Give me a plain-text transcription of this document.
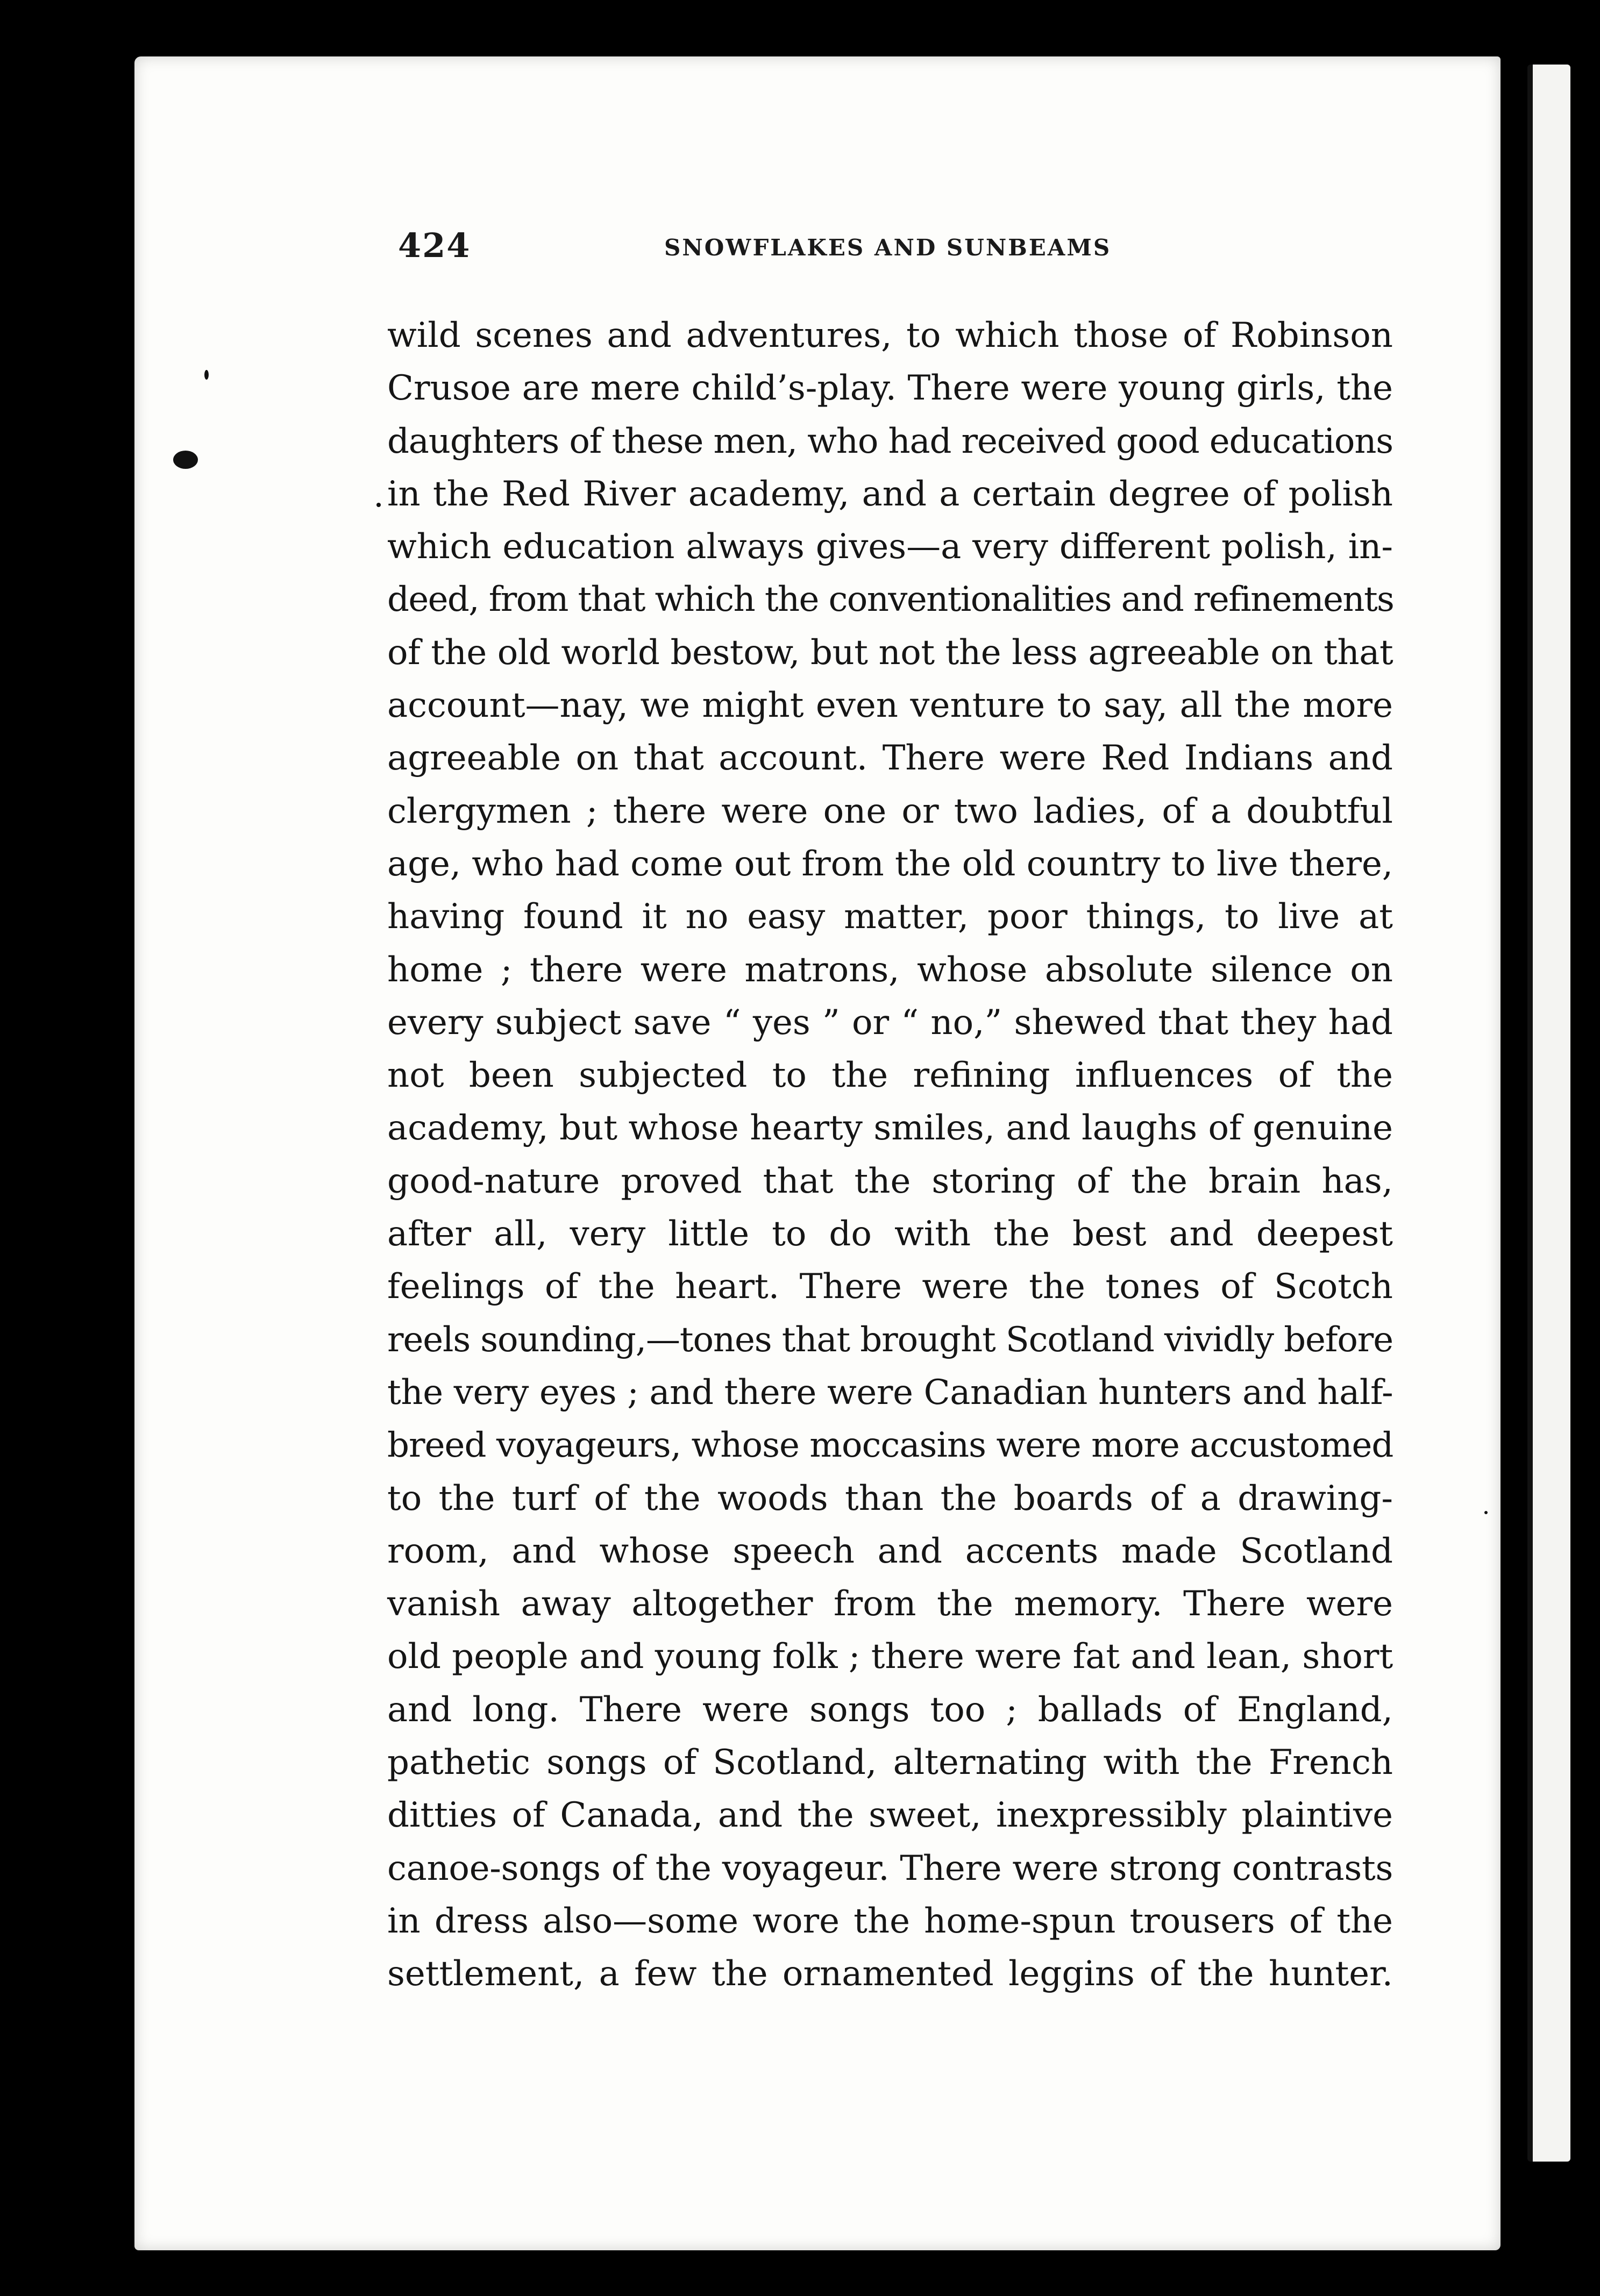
424	SNOWFLAKES AND SUNBEAMS
wild scenes and adventures, to which those of Robinson
Crusoe are mere child’s-play. There were young girls, the
daughters of these men, who had received good educations
in the Red River academy, and a certain degree of polish
which education always gives—a very different polish, in-
deed, from that which the conventionalities and refinements
of the old world bestow, but not the less agreeable on that
account—nay, we might even venture to say, all the more
agreeable on that account. There were Red Indians and
clergymen ; there were one or two ladies, of a doubtful
age, who had come out from the old country to live there,
having found it no easy matter, poor things, to live at
home ; there were matrons, whose absolute silence on
every subject save “ yes ” or “ no,” shewed that they had
not been subjected to the refining influences of the
academy, but whose hearty smiles, and laughs of genuine
good-nature proved that the storing of the brain has,
after all, very little to do with the best and deepest
feelings of the heart. There were the tones of Scotch
reels sounding,—tones that brought Scotland vividly before
the very eyes ; and there were Canadian hunters and half-
breed voyageurs, whose moccasins were more accustomed
to the turf of the woods than the boards of a drawing-
room, and whose speech and accents made Scotland
vanish away altogether from the memory. There were
old people and young folk ; there were fat and lean, short
and long. There were songs too ; ballads of England,
pathetic songs of Scotland, alternating with the French
ditties of Canada, and the sweet, inexpressibly plaintive
canoe-songs of the voyageur. There were strong contrasts
in dress also—some wore the home-spun trousers of the
settlement, a few the ornamented leggins of the hunter.
